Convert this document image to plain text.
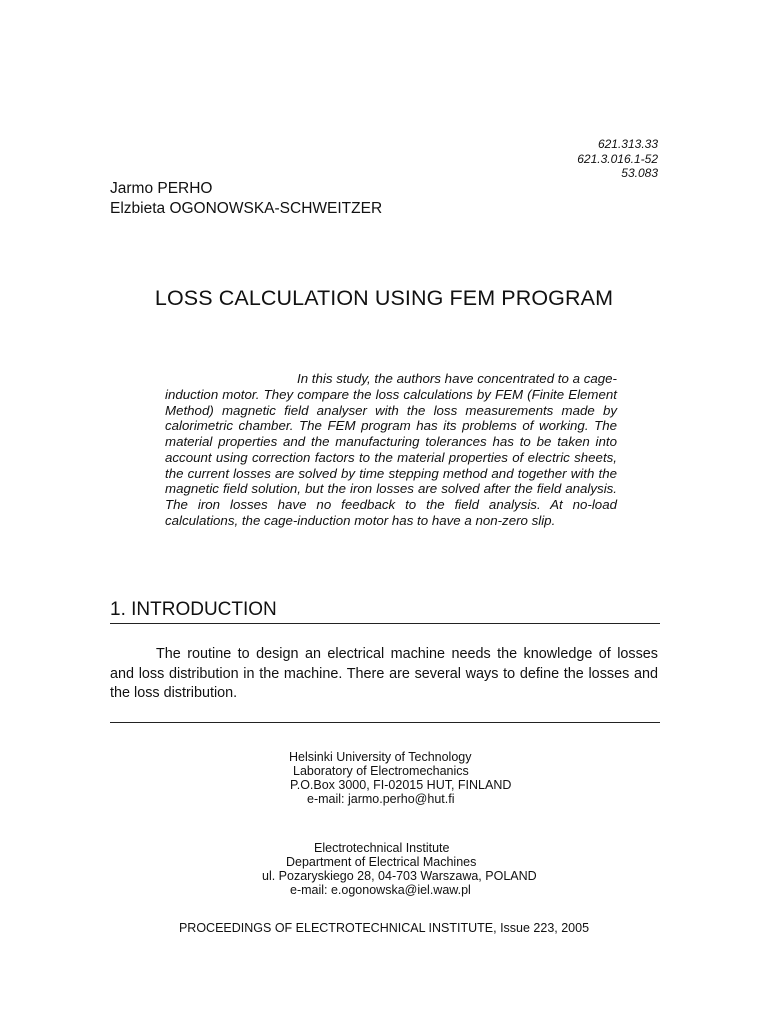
621.313.33
621.3.016.1-52
53.083
Jarmo PERHO
Elzbieta OGONOWSKA-SCHWEITZER
LOSS CALCULATION USING FEM PROGRAM
In this study, the authors have concentrated to a cage-induction motor. They compare the loss calculations by FEM (Finite Element Method) magnetic field analyser with the loss measurements made by calorimetric chamber. The FEM program has its problems of working. The material properties and the manufacturing tolerances has to be taken into account using correction factors to the material properties of electric sheets, the current losses are solved by time stepping method and together with the magnetic field solution, but the iron losses are solved after the field analysis. The iron losses have no feedback to the field analysis. At no-load calculations, the cage-induction motor has to have a non-zero slip.
1. INTRODUCTION
The routine to design an electrical machine needs the knowledge of losses and loss distribution in the machine. There are several ways to define the losses and the loss distribution.
Helsinki University of Technology
Laboratory of Electromechanics
P.O.Box 3000, FI-02015 HUT, FINLAND
e-mail: jarmo.perho@hut.fi
Electrotechnical Institute
Department of Electrical Machines
ul. Pozaryskiego 28, 04-703 Warszawa, POLAND
e-mail: e.ogonowska@iel.waw.pl
PROCEEDINGS OF ELECTROTECHNICAL INSTITUTE, Issue 223, 2005
